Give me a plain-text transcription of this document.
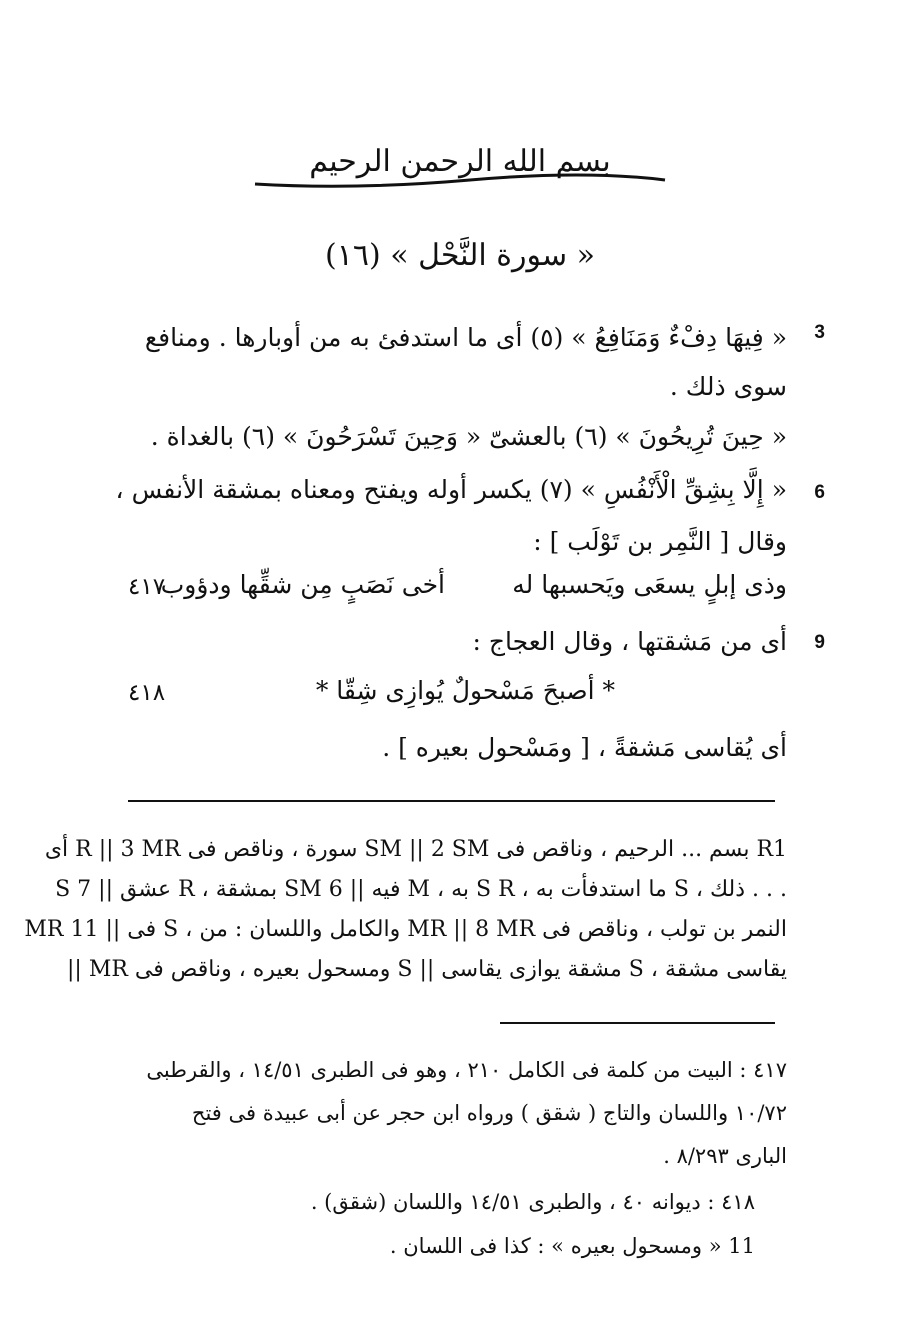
بسم الله الرحمن الرحيم
« سورة النَّحْل » (١٦)
3
« فِيهَا دِفْءٌ وَمَنَافِعُ » (٥) أى ما استدفئ به من أوبارها . ومنافع
سوى ذلك .
« حِينَ تُرِيحُونَ » (٦) بالعشىّ « وَحِينَ تَسْرَحُونَ » (٦) بالغداة .
6
« إِلَّا بِشِقِّ الْأَنْفُسِ » (٧) يكسر أوله ويفتح ومعناه بمشقة الأنفس ،
وقال [ النَّمِر بن تَوْلَب ] :
وذى إبلٍ يسعَى ويَحسبها له
أخى نَصَبٍ مِن شقِّها ودؤوب
٤١٧
9
أى من مَشقتها ، وقال العجاج :
* أصبحَ مَسْحولٌ يُوازِى شِقّا *
٤١٨
أى يُقاسى مَشقةً ، [ ومَسْحول بعيره ] .
R1 بسم ... الرحيم ، وناقص فى SM || 2 SM سورة ، وناقص فى R || 3 MR أى
. . . ذلك ، S ما استدفأت به ، S R به ، M فيه || 6 SM بمشقة ، R عشق || 7 S
النمر بن تولب ، وناقص فى MR || 8 MR والكامل واللسان : من ، S فى || 11 MR
يقاسى مشقة ، S مشقة يوازى يقاسى || S ومسحول بعيره ، وناقص فى MR ||
٤١٧ : البيت من كلمة فى الكامل ٢١٠ ، وهو فى الطبرى ١٤/٥١ ، والقرطبى
١٠/٧٢ واللسان والتاج ( شقق ) ورواه ابن حجر عن أبى عبيدة فى فتح
البارى ٨/٢٩٣ .
٤١٨ : ديوانه ٤٠ ، والطبرى ١٤/٥١ واللسان (شقق) .
11 « ومسحول بعيره » : كذا فى اللسان .
